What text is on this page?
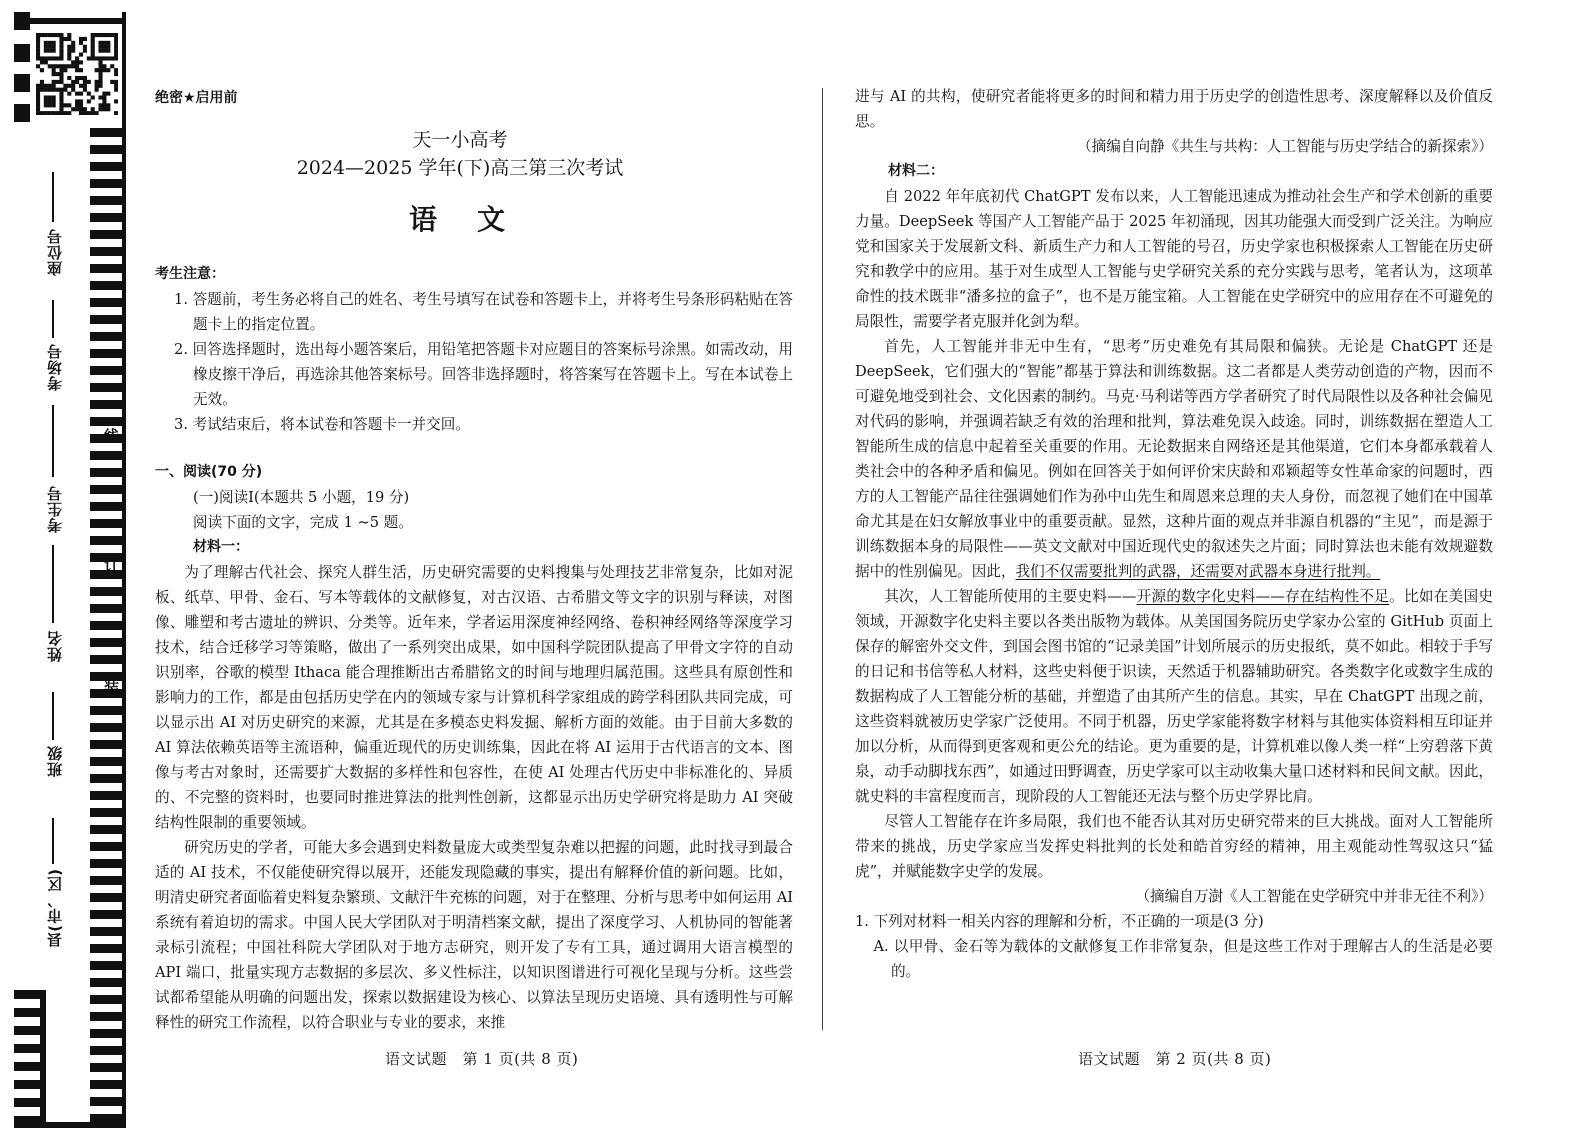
座位号
考场号
考生号
姓名
班级
县(市、区)
线
订
装
绝密★启用前
天一小高考
2024—2025 学年(下)高三第三次考试
语　文
考生注意：
1. 答题前，考生务必将自己的姓名、考生号填写在试卷和答题卡上，并将考生号条形码粘贴在答题卡上的指定位置。
2. 回答选择题时，选出每小题答案后，用铅笔把答题卡对应题目的答案标号涂黑。如需改动，用橡皮擦干净后，再选涂其他答案标号。回答非选择题时，将答案写在答题卡上。写在本试卷上无效。
3. 考试结束后，将本试卷和答题卡一并交回。
一、阅读(70 分)
(一)阅读Ⅰ(本题共 5 小题，19 分)
阅读下面的文字，完成 1 ~5 题。
材料一：
为了理解古代社会、探究人群生活，历史研究需要的史料搜集与处理技艺非常复杂，比如对泥板、纸草、甲骨、金石、写本等载体的文献修复，对古汉语、古希腊文等文字的识别与释读，对图像、雕塑和考古遗址的辨识、分类等。近年来，学者运用深度神经网络、卷积神经网络等深度学习技术，结合迁移学习等策略，做出了一系列突出成果，如中国科学院团队提高了甲骨文字符的自动识别率，谷歌的模型 Ithaca 能合理推断出古希腊铭文的时间与地理归属范围。这些具有原创性和影响力的工作，都是由包括历史学在内的领域专家与计算机科学家组成的跨学科团队共同完成，可以显示出 AI 对历史研究的来源，尤其是在多模态史料发掘、解析方面的效能。由于目前大多数的 AI 算法依赖英语等主流语种，偏重近现代的历史训练集，因此在将 AI 运用于古代语言的文本、图像与考古对象时，还需要扩大数据的多样性和包容性，在使 AI 处理古代历史中非标准化的、异质的、不完整的资料时，也要同时推进算法的批判性创新，这都显示出历史学研究将是助力 AI 突破结构性限制的重要领域。
研究历史的学者，可能大多会遇到史料数量庞大或类型复杂难以把握的问题，此时找寻到最合适的 AI 技术，不仅能使研究得以展开，还能发现隐藏的事实，提出有解释价值的新问题。比如，明清史研究者面临着史料复杂繁琐、文献汗牛充栋的问题，对于在整理、分析与思考中如何运用 AI 系统有着迫切的需求。中国人民大学团队对于明清档案文献，提出了深度学习、人机协同的智能著录标引流程；中国社科院大学团队对于地方志研究，则开发了专有工具，通过调用大语言模型的 API 端口，批量实现方志数据的多层次、多义性标注，以知识图谱进行可视化呈现与分析。这些尝试都希望能从明确的问题出发，探索以数据建设为核心、以算法呈现历史语境、具有透明性与可解释性的研究工作流程，以符合职业与专业的要求，来推
进与 AI 的共构，使研究者能将更多的时间和精力用于历史学的创造性思考、深度解释以及价值反思。
（摘编自向静《共生与共构：人工智能与历史学结合的新探索》）
材料二：
自 2022 年年底初代 ChatGPT 发布以来，人工智能迅速成为推动社会生产和学术创新的重要力量。DeepSeek 等国产人工智能产品于 2025 年初涌现，因其功能强大而受到广泛关注。为响应党和国家关于发展新文科、新质生产力和人工智能的号召，历史学家也积极探索人工智能在历史研究和教学中的应用。基于对生成型人工智能与史学研究关系的充分实践与思考，笔者认为，这项革命性的技术既非“潘多拉的盒子”，也不是万能宝箱。人工智能在史学研究中的应用存在不可避免的局限性，需要学者克服并化剑为犁。
首先，人工智能并非无中生有，“思考”历史难免有其局限和偏狭。无论是 ChatGPT 还是 DeepSeek，它们强大的“智能”都基于算法和训练数据。这二者都是人类劳动创造的产物，因而不可避免地受到社会、文化因素的制约。马克·马利诺等西方学者研究了时代局限性以及各种社会偏见对代码的影响，并强调若缺乏有效的治理和批判，算法难免误入歧途。同时，训练数据在塑造人工智能所生成的信息中起着至关重要的作用。无论数据来自网络还是其他渠道，它们本身都承载着人类社会中的各种矛盾和偏见。例如在回答关于如何评价宋庆龄和邓颖超等女性革命家的问题时，西方的人工智能产品往往强调她们作为孙中山先生和周恩来总理的夫人身份，而忽视了她们在中国革命尤其是在妇女解放事业中的重要贡献。显然，这种片面的观点并非源自机器的“主见”，而是源于训练数据本身的局限性——英文文献对中国近现代史的叙述失之片面；同时算法也未能有效规避数据中的性别偏见。因此，我们不仅需要批判的武器，还需要对武器本身进行批判。
其次，人工智能所使用的主要史料——开源的数字化史料——存在结构性不足。比如在美国史领域，开源数字化史料主要以各类出版物为载体。从美国国务院历史学家办公室的 GitHub 页面上保存的解密外交文件，到国会图书馆的“记录美国”计划所展示的历史报纸，莫不如此。相较于手写的日记和书信等私人材料，这些史料便于识读，天然适于机器辅助研究。各类数字化或数字生成的数据构成了人工智能分析的基础，并塑造了由其所产生的信息。其实，早在 ChatGPT 出现之前，这些资料就被历史学家广泛使用。不同于机器，历史学家能将数字材料与其他实体资料相互印证并加以分析，从而得到更客观和更公允的结论。更为重要的是，计算机难以像人类一样“上穷碧落下黄泉，动手动脚找东西”，如通过田野调查，历史学家可以主动收集大量口述材料和民间文献。因此，就史料的丰富程度而言，现阶段的人工智能还无法与整个历史学界比肩。
尽管人工智能存在许多局限，我们也不能否认其对历史研究带来的巨大挑战。面对人工智能所带来的挑战，历史学家应当发挥史料批判的长处和皓首穷经的精神，用主观能动性驾驭这只“猛虎”，并赋能数字史学的发展。
（摘编自万澍《人工智能在史学研究中并非无往不利》）
1. 下列对材料一相关内容的理解和分析，不正确的一项是(3 分)
A. 以甲骨、金石等为载体的文献修复工作非常复杂，但是这些工作对于理解古人的生活是必要的。
语文试题　第 1 页(共 8 页)	语文试题　第 2 页(共 8 页)
